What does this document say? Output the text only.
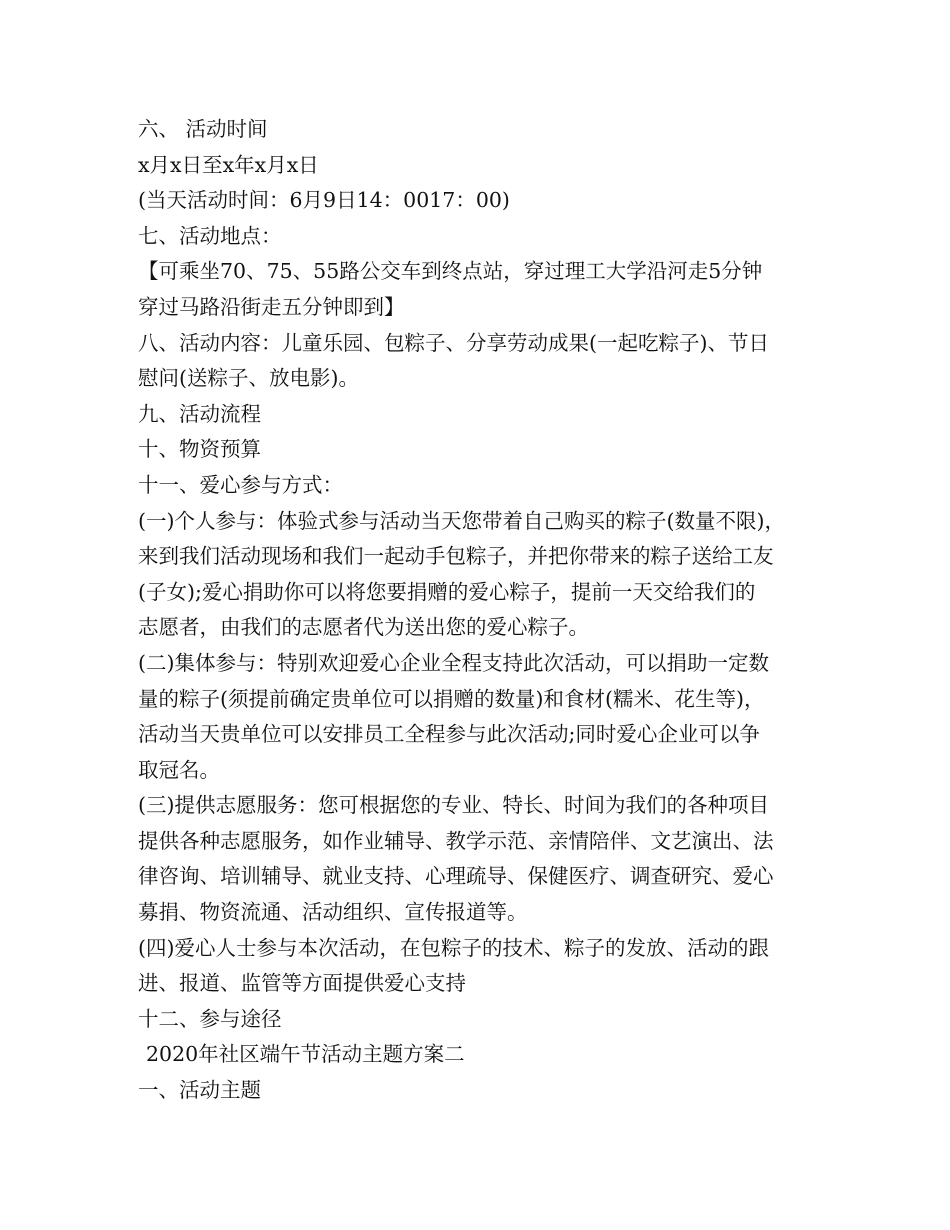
六、 活动时间
x月x日至x年x月x日
(当天活动时间：6月9日14：0017：00)
七、活动地点：
【可乘坐70、75、55路公交车到终点站，穿过理工大学沿河走5分钟
穿过马路沿街走五分钟即到】
八、活动内容：儿童乐园、包粽子、分享劳动成果(一起吃粽子)、节日
慰问(送粽子、放电影)。
九、活动流程
十、物资预算
十一、爱心参与方式：
(一)个人参与：体验式参与活动当天您带着自己购买的粽子(数量不限)，
来到我们活动现场和我们一起动手包粽子，并把你带来的粽子送给工友
(子女);爱心捐助你可以将您要捐赠的爱心粽子，提前一天交给我们的
志愿者，由我们的志愿者代为送出您的爱心粽子。
(二)集体参与：特别欢迎爱心企业全程支持此次活动，可以捐助一定数
量的粽子(须提前确定贵单位可以捐赠的数量)和食材(糯米、花生等)，
活动当天贵单位可以安排员工全程参与此次活动;同时爱心企业可以争
取冠名。
(三)提供志愿服务：您可根据您的专业、特长、时间为我们的各种项目
提供各种志愿服务，如作业辅导、教学示范、亲情陪伴、文艺演出、法
律咨询、培训辅导、就业支持、心理疏导、保健医疗、调查研究、爱心
募捐、物资流通、活动组织、宣传报道等。
(四)爱心人士参与本次活动，在包粽子的技术、粽子的发放、活动的跟
进、报道、监管等方面提供爱心支持
十二、参与途径
2020年社区端午节活动主题方案二
一、活动主题
